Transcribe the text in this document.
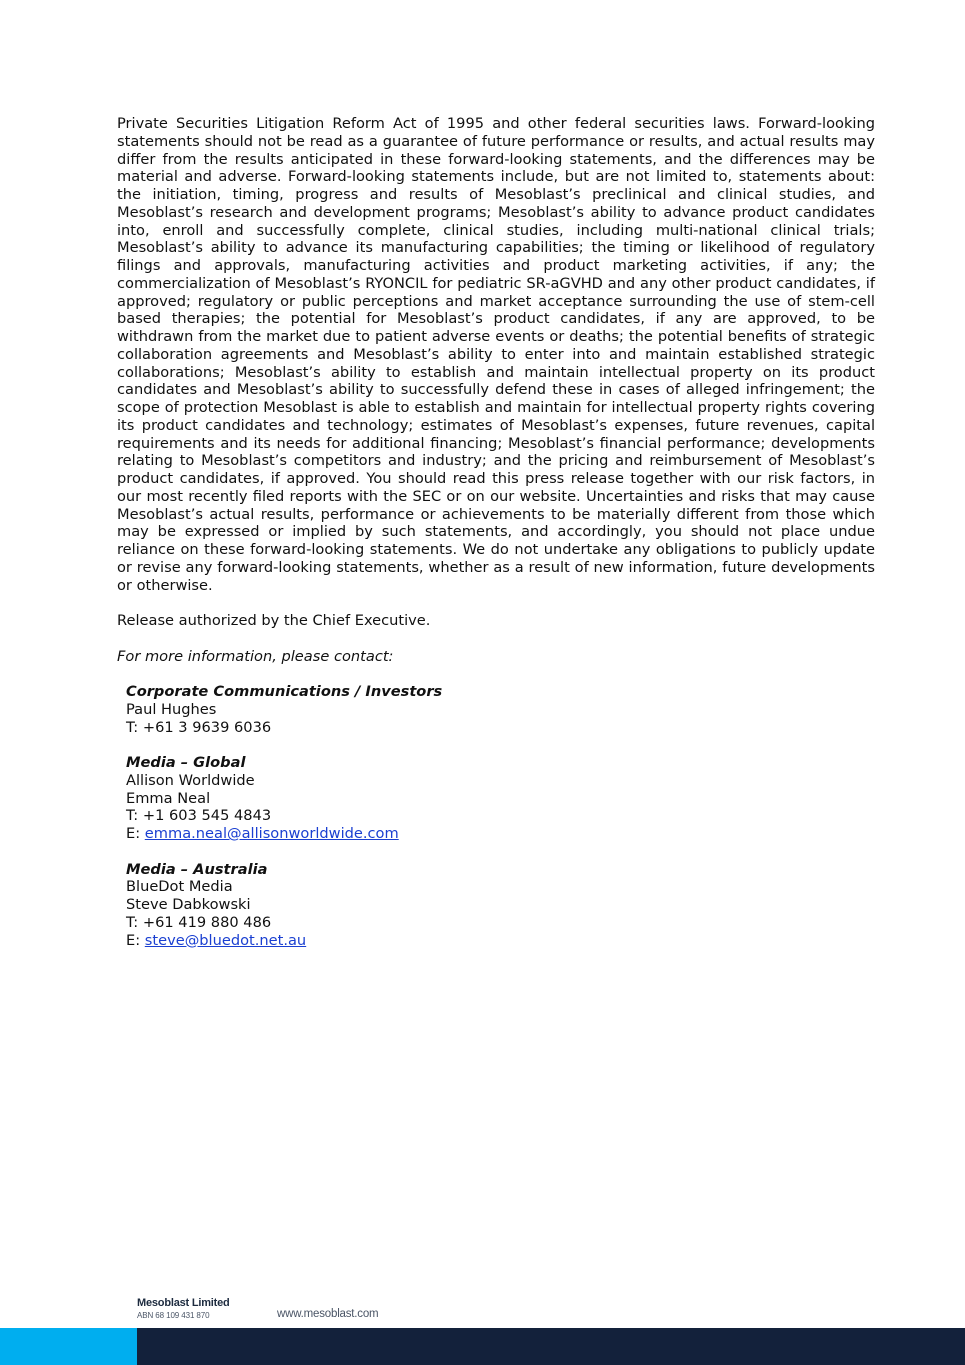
Private Securities Litigation Reform Act of 1995 and other federal securities laws. Forward-looking statements should not be read as a guarantee of future performance or results, and actual results may differ from the results anticipated in these forward-looking statements, and the differences may be material and adverse. Forward-looking statements include, but are not limited to, statements about: the initiation, timing, progress and results of Mesoblast’s preclinical and clinical studies, and Mesoblast’s research and development programs; Mesoblast’s ability to advance product candidates into, enroll and successfully complete, clinical studies, including multi-national clinical trials; Mesoblast’s ability to advance its manufacturing capabilities; the timing or likelihood of regulatory filings and approvals, manufacturing activities and product marketing activities, if any; the commercialization of Mesoblast’s RYONCIL for pediatric SR-aGVHD and any other product candidates, if approved; regulatory or public perceptions and market acceptance surrounding the use of stem-cell based therapies; the potential for Mesoblast’s product candidates, if any are approved, to be withdrawn from the market due to patient adverse events or deaths; the potential benefits of strategic collaboration agreements and Mesoblast’s ability to enter into and maintain established strategic collaborations; Mesoblast’s ability to establish and maintain intellectual property on its product candidates and Mesoblast’s ability to successfully defend these in cases of alleged infringement; the scope of protection Mesoblast is able to establish and maintain for intellectual property rights covering its product candidates and technology; estimates of Mesoblast’s expenses, future revenues, capital requirements and its needs for additional financing; Mesoblast’s financial performance; developments relating to Mesoblast’s competitors and industry; and the pricing and reimbursement of Mesoblast’s product candidates, if approved. You should read this press release together with our risk factors, in our most recently filed reports with the SEC or on our website. Uncertainties and risks that may cause Mesoblast’s actual results, performance or achievements to be materially different from those which may be expressed or implied by such statements, and accordingly, you should not place undue reliance on these forward-looking statements. We do not undertake any obligations to publicly update or revise any forward-looking statements, whether as a result of new information, future developments or otherwise.

Release authorized by the Chief Executive.

For more information, please contact:

Corporate Communications / Investors
Paul Hughes
T: +61 3 9639 6036
Media – Global
Allison Worldwide
Emma Neal
T: +1 603 545 4843
E: emma.neal@allisonworldwide.com
Media – Australia
BlueDot Media
Steve Dabkowski
T: +61 419 880 486
E: steve@bluedot.net.au
Mesoblast Limited
ABN 68 109 431 870	www.mesoblast.com
